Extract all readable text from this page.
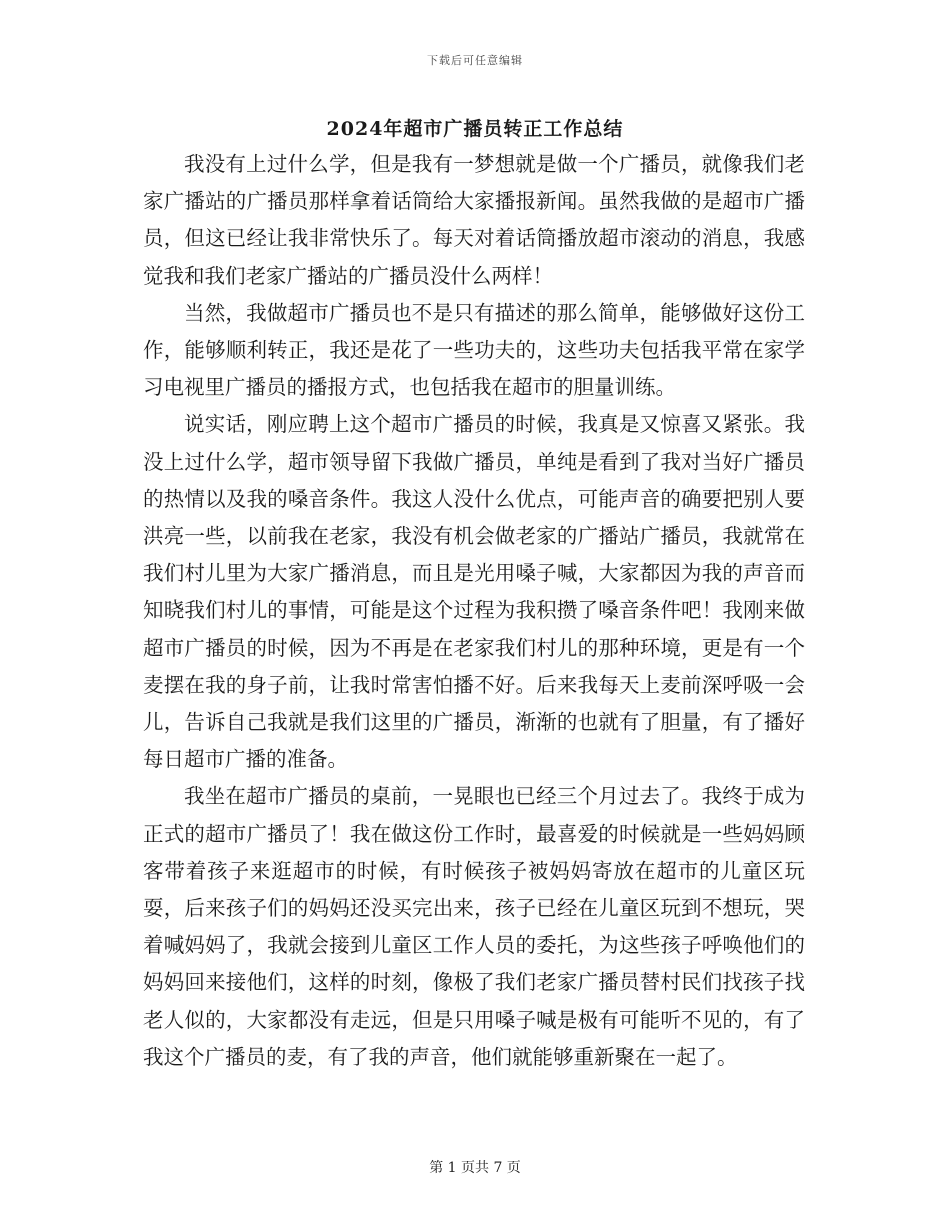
下载后可任意编辑
2024年超市广播员转正工作总结

我没有上过什么学，但是我有一梦想就是做一个广播员，就像我们老家广播站的广播员那样拿着话筒给大家播报新闻。虽然我做的是超市广播员，但这已经让我非常快乐了。每天对着话筒播放超市滚动的消息，我感觉我和我们老家广播站的广播员没什么两样！

当然，我做超市广播员也不是只有描述的那么简单，能够做好这份工作，能够顺利转正，我还是花了一些功夫的，这些功夫包括我平常在家学习电视里广播员的播报方式，也包括我在超市的胆量训练。

说实话，刚应聘上这个超市广播员的时候，我真是又惊喜又紧张。我没上过什么学，超市领导留下我做广播员，单纯是看到了我对当好广播员的热情以及我的嗓音条件。我这人没什么优点，可能声音的确要把别人要洪亮一些，以前我在老家，我没有机会做老家的广播站广播员，我就常在我们村儿里为大家广播消息，而且是光用嗓子喊，大家都因为我的声音而知晓我们村儿的事情，可能是这个过程为我积攒了嗓音条件吧！我刚来做超市广播员的时候，因为不再是在老家我们村儿的那种环境，更是有一个麦摆在我的身子前，让我时常害怕播不好。后来我每天上麦前深呼吸一会儿，告诉自己我就是我们这里的广播员，渐渐的也就有了胆量，有了播好每日超市广播的准备。

我坐在超市广播员的桌前，一晃眼也已经三个月过去了。我终于成为正式的超市广播员了！我在做这份工作时，最喜爱的时候就是一些妈妈顾客带着孩子来逛超市的时候，有时候孩子被妈妈寄放在超市的儿童区玩耍，后来孩子们的妈妈还没买完出来，孩子已经在儿童区玩到不想玩，哭着喊妈妈了，我就会接到儿童区工作人员的委托，为这些孩子呼唤他们的妈妈回来接他们，这样的时刻，像极了我们老家广播员替村民们找孩子找老人似的，大家都没有走远，但是只用嗓子喊是极有可能听不见的，有了我这个广播员的麦，有了我的声音，他们就能够重新聚在一起了。

第 1 页共 7 页
